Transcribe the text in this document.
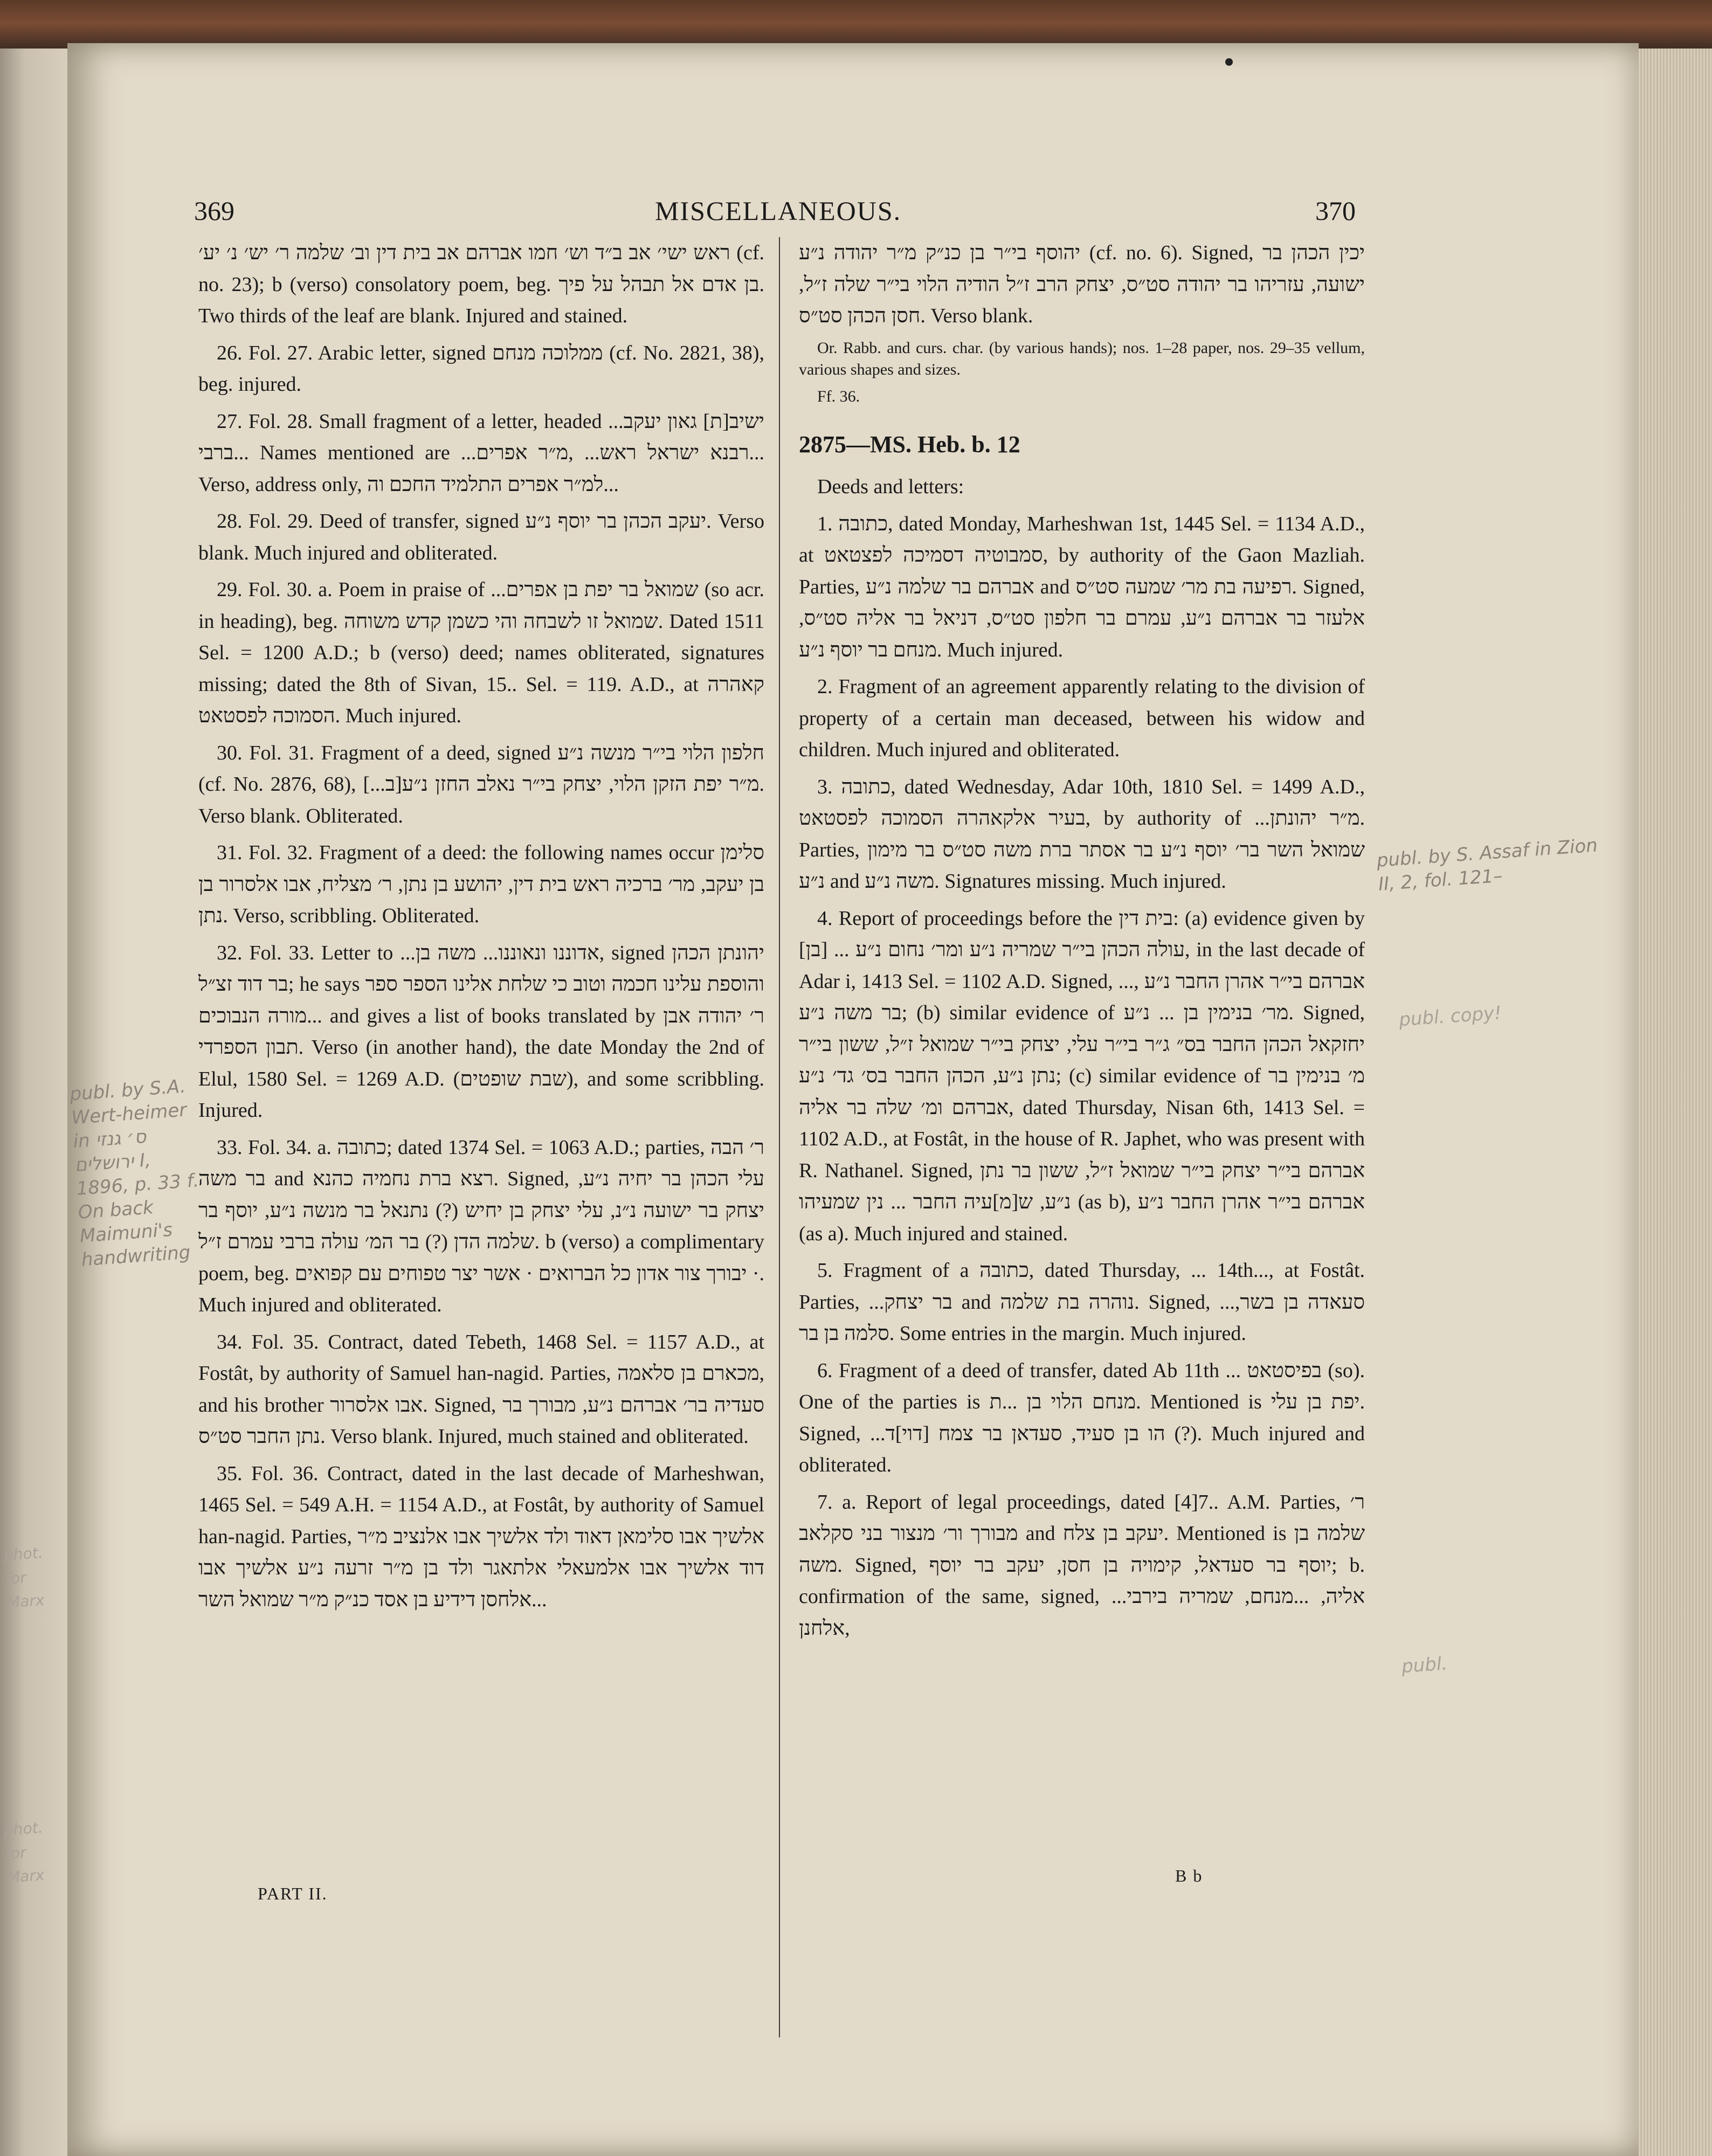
369	MISCELLANEOUS.	370

ראש ישי׳ אב ב״ד וש׳ חמו אברהם אב בית דין וב׳ שלמה ר׳ יש׳ נ׳ יע׳ (cf. no. 23); b (verso) consolatory poem, beg. בן אדם אל תבהל על פיך. Two thirds of the leaf are blank. Injured and stained.

26. Fol. 27. Arabic letter, signed ממלוכה מנחם (cf. No. 2821, 38), beg. injured.

27. Fol. 28. Small fragment of a letter, headed ...ישיב[ת] גאון יעקב ברבי... Names mentioned are ...רבנא ישראל ראש... ,מ״ר אפרים... Verso, address only, למ״ר אפרים התלמיד החכם וה...

28. Fol. 29. Deed of transfer, signed יעקב הכהן בר יוסף נ״ע. Verso blank. Much injured and obliterated.

29. Fol. 30. a. Poem in praise of ...שמואל בר יפת בן אפרים (so acr. in heading), beg. שמואל זו לשבחה והי כשמן קדש משוחה. Dated 1511 Sel. = 1200 A.D.; b (verso) deed; names obliterated, signatures missing; dated the 8th of Sivan, 15.. Sel. = 119. A.D., at קאהרה הסמוכה לפסטאט. Much injured.

30. Fol. 31. Fragment of a deed, signed חלפון הלוי בי״ר מנשה נ״ע (cf. No. 2876, 68), [...ב]מ״ר יפת הזקן הלוי, יצחק בי״ר נאלב החזן נ״ע. Verso blank. Obliterated.

31. Fol. 32. Fragment of a deed: the following names occur סלימן בן יעקב, מר׳ ברכיה ראש בית דין, יהושע בן נתן, ר׳ מצליח, אבו אלסרור בן נתן. Verso, scribbling. Obliterated.

32. Fol. 33. Letter to ...אדוננו ונאוננו... משה בן, signed יהונתן הכהן בר דוד זצ״ל; he says והוספת עלינו חכמה וטוב כי שלחת אלינו הספר ספר מורה הנבוכים... and gives a list of books translated by ר׳ יהודה אבן תבון הספרדי. Verso (in another hand), the date Monday the 2nd of Elul, 1580 Sel. = 1269 A.D. (שבת שופטים), and some scribbling. Injured.

33. Fol. 34. a. כתובה; dated 1374 Sel. = 1063 A.D.; parties, ר׳ הבה בר משה and רצא ברת נחמיה כהנא. Signed, עלי הכהן בר יחיה נ״ע, יצחק בר ישועה נ״נ, עלי יצחק בן יחיש (?) נתנאל בר מנשה נ״ע, יוסף בר שלמה הדן (?) בר המ׳ עולה ברבי עמרם ז״ל. b (verso) a complimentary poem, beg. יבורך צור אדון כל הברואים · אשר יצר טפוחים עם קפואים ·. Much injured and obliterated.

34. Fol. 35. Contract, dated Tebeth, 1468 Sel. = 1157 A.D., at Fostât, by authority of Samuel han-nagid. Parties, מכארם בן סלאמה, and his brother אבו אלסרור. Signed, סעדיה בר׳ אברהם נ״ע, מבורך בר נתן החבר סט״ס. Verso blank. Injured, much stained and obliterated.

35. Fol. 36. Contract, dated in the last decade of Marheshwan, 1465 Sel. = 549 A.H. = 1154 A.D., at Fostât, by authority of Samuel han-nagid. Parties, אלשיך אבו סלימאן דאוד ולד אלשיך אבו אלנציב מ״ר דוד אלשיך אבו אלמעאלי אלתאגר ולד בן מ״ר זרעה נ״ע אלשיך אבו אלחסן דידיע בן אסד כנ״ק מ״ר שמואל השר...

יהוסף בי״ר בן כנ״ק מ״ר יהודה נ״ע (cf. no. 6). Signed, יכין הכהן בר ישועה, עזריהו בר יהודה סט״ס, יצחק הרב ז״ל הודיה הלוי בי״ר שלה ז״ל, חסן הכהן סט״ס. Verso blank.

Or. Rabb. and curs. char. (by various hands); nos. 1–28 paper, nos. 29–35 vellum, various shapes and sizes.

Ff. 36.

2875—MS. Heb. b. 12

Deeds and letters:

1. כתובה, dated Monday, Marheshwan 1st, 1445 Sel. = 1134 A.D., at סמבוטיה דסמיכה לפצטאט, by authority of the Gaon Mazliah. Parties, אברהם בר שלמה נ״ע and רפיעה בת מר׳ שמעה סט״ס. Signed, אלעזר בר אברהם נ״ע, עמרם בר חלפון סט״ס, דניאל בר אליה סט״ס, מנחם בר יוסף נ״ע. Much injured.

2. Fragment of an agreement apparently relating to the division of property of a certain man deceased, between his widow and children. Much injured and obliterated.

3. כתובה, dated Wednesday, Adar 10th, 1810 Sel. = 1499 A.D., בעיר אלקאהרה הסמוכה לפסטאט, by authority of ...מ״ר יהונתן. Parties, שמואל השר בר׳ יוסף נ״ע בר אסתר ברת משה סט״ס בר מימון נ״ע and משה נ״ע. Signatures missing. Much injured.

4. Report of proceedings before the בית דין: (a) evidence given by [בן] ... עולה הכהן בי״ר שמריה נ״ע ומר׳ נחום נ״ע, in the last decade of Adar i, 1413 Sel. = 1102 A.D. Signed, אברהם בי״ר אהרן החבר נ״ע ,... בר משה נ״ע; (b) similar evidence of מר׳ בנימין בן ... נ״ע. Signed, יחזקאל הכהן החבר בס״ ג״ר בי״ר עלי, יצחק בי״ר שמואל ז״ל, ששון בי״ר נתן נ״ע, הכהן החבר בס׳ גד׳ נ״ע; (c) similar evidence of מ׳ בנימין בר אברהם ומ׳ שלה בר אליה, dated Thursday, Nisan 6th, 1413 Sel. = 1102 A.D., at Fostât, in the house of R. Japhet, who was present with R. Nathanel. Signed, אברהם בי״ר יצחק בי״ר שמואל ז״ל, ששון בר נתן נ״ע, ש[מ]עיה החבר ... נין שמעיהו (as b), אברהם בי״ר אהרן החבר נ״ע (as a). Much injured and stained.

5. Fragment of a כתובה, dated Thursday, ... 14th..., at Fostât. Parties, ...בר יצחק and נוהרה בת שלמה. Signed, ...סעאדה בן בשר, סלמה בן בר. Some entries in the margin. Much injured.

6. Fragment of a deed of transfer, dated Ab 11th ... בפיסטאט (so). One of the parties is מנחם הלוי בן ...ת. Mentioned is יפת בן עלי. Signed, ...הו בן סעיד, סעדאן בר צמח [דוי]ד (?). Much injured and obliterated.

7. a. Report of legal proceedings, dated [4]7.. A.M. Parties, ר׳ מבורך ור׳ מנצור בני סקלאב and יעקב בן צלח. Mentioned is שלמה בן משה. Signed, יוסף בר סעדאל, קימויה בן חסן, יעקב בר יוסף; b. confirmation of the same, signed, ...אליה, ...מנחם, שמריה בירבי אלחנן,

PART II.
B b
publ. by S.A. Wert-heimer in ס׳ גנזי ירושלים I, 1896, p. 33 f. On back Maimuni's handwriting
phot. for Marx
phot. for Marx
publ. by S. Assaf in Zion II, 2, fol. 121–
publ. copy!
publ.
